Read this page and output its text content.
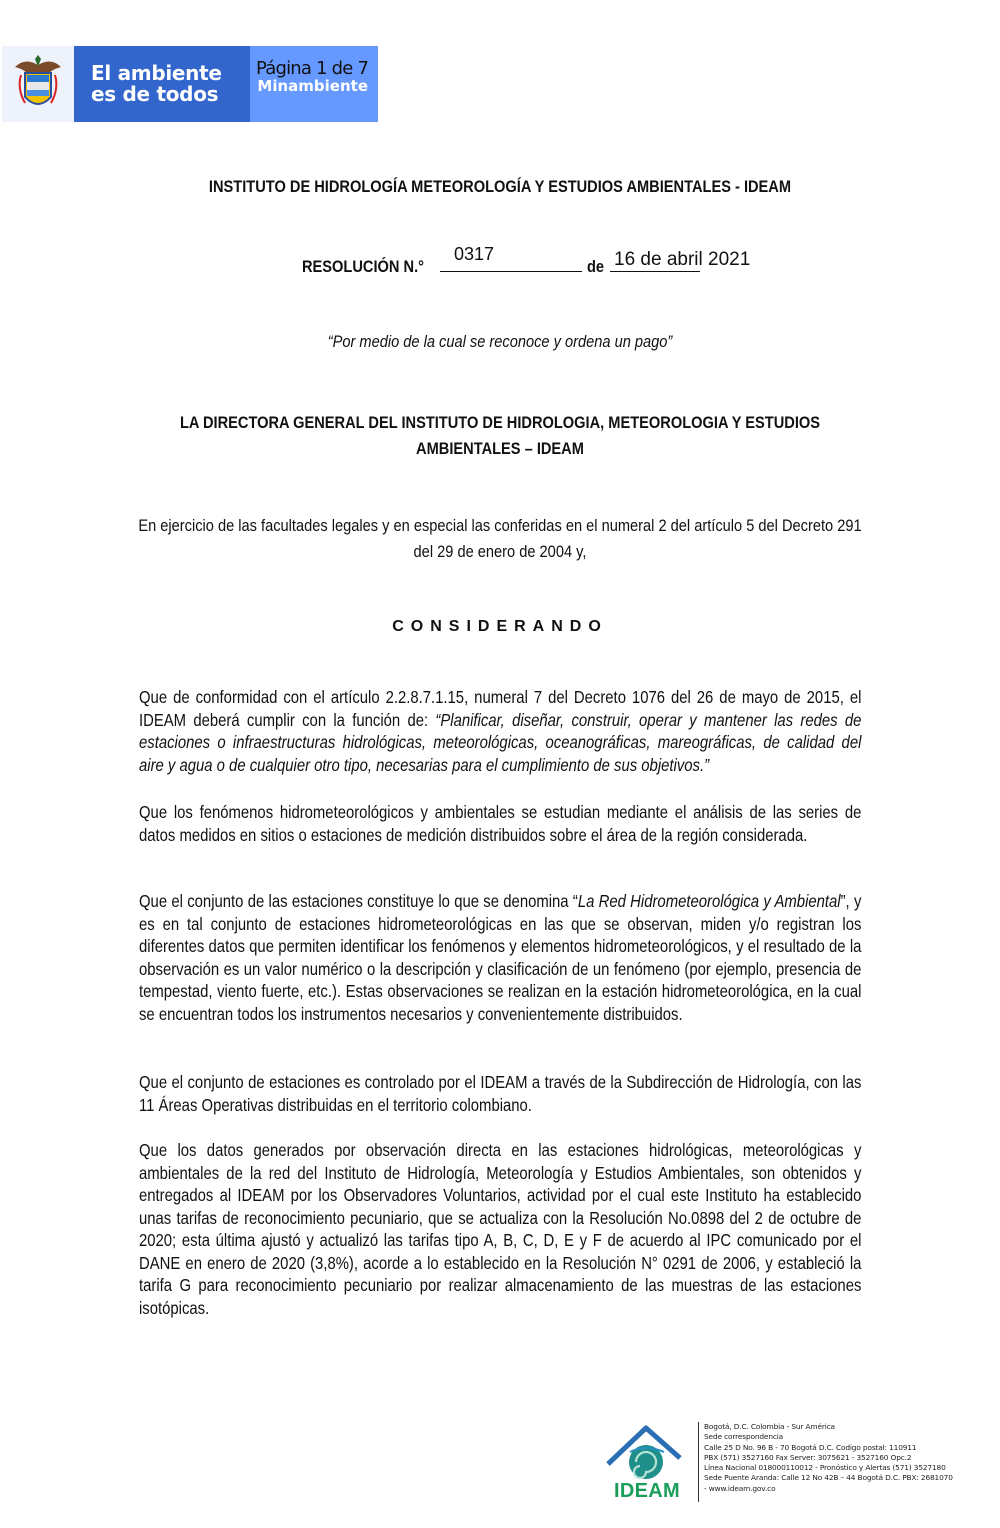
El ambiente
es de todos	Minambiente
Página 1 de 7
INSTITUTO DE HIDROLOGÍA METEOROLOGÍA Y ESTUDIOS AMBIENTALES - IDEAM
RESOLUCIÓN N.°
0317
de 16 de abril 2021
“Por medio de la cual se reconoce y ordena un pago”
LA DIRECTORA GENERAL DEL INSTITUTO DE HIDROLOGIA, METEOROLOGIA Y ESTUDIOS AMBIENTALES – IDEAM
En ejercicio de las facultades legales y en especial las conferidas en el numeral 2 del artículo 5 del Decreto 291 del 29 de enero de 2004 y,
CONSIDERANDO
Que de conformidad con el artículo 2.2.8.7.1.15, numeral 7 del Decreto 1076 del 26 de mayo de 2015, el IDEAM deberá cumplir con la función de: “Planificar, diseñar, construir, operar y mantener las redes de estaciones o infraestructuras hidrológicas, meteorológicas, oceanográficas, mareográficas, de calidad del aire y agua o de cualquier otro tipo, necesarias para el cumplimiento de sus objetivos.”
Que los fenómenos hidrometeorológicos y ambientales se estudian mediante el análisis de las series de datos medidos en sitios o estaciones de medición distribuidos sobre el área de la región considerada.
Que el conjunto de las estaciones constituye lo que se denomina “La Red Hidrometeorológica y Ambiental”, y es en tal conjunto de estaciones hidrometeorológicas en las que se observan, miden y/o registran los diferentes datos que permiten identificar los fenómenos y elementos hidrometeorológicos, y el resultado de la observación es un valor numérico o la descripción y clasificación de un fenómeno (por ejemplo, presencia de tempestad, viento fuerte, etc.). Estas observaciones se realizan en la estación hidrometeorológica, en la cual se encuentran todos los instrumentos necesarios y convenientemente distribuidos.
Que el conjunto de estaciones es controlado por el IDEAM a través de la Subdirección de Hidrología, con las 11 Áreas Operativas distribuidas en el territorio colombiano.
Que los datos generados por observación directa en las estaciones hidrológicas, meteorológicas y ambientales de la red del Instituto de Hidrología, Meteorología y Estudios Ambientales, son obtenidos y entregados al IDEAM por los Observadores Voluntarios, actividad por el cual este Instituto ha establecido unas tarifas de reconocimiento pecuniario, que se actualiza con la Resolución No.0898 del 2 de octubre de 2020; esta última ajustó y actualizó las tarifas tipo A, B, C, D, E y F de acuerdo al IPC comunicado por el DANE en enero de 2020 (3,8%), acorde a lo establecido en la Resolución N° 0291 de 2006, y estableció la tarifa G para reconocimiento pecuniario por realizar almacenamiento de las muestras de las estaciones isotópicas.
IDEAM
Bogotá, D.C. Colombia - Sur América
Sede correspondencia
Calle 25 D No. 96 B - 70 Bogotá D.C. Codigo postal: 110911
PBX (571) 3527160 Fax Server: 3075621 - 3527160 Opc.2
Línea Nacional 018000110012 - Pronóstico y Alertas (571) 3527180
Sede Puente Aranda: Calle 12 No 42B – 44 Bogotá D.C. PBX: 2681070
- www.ideam.gov.co
